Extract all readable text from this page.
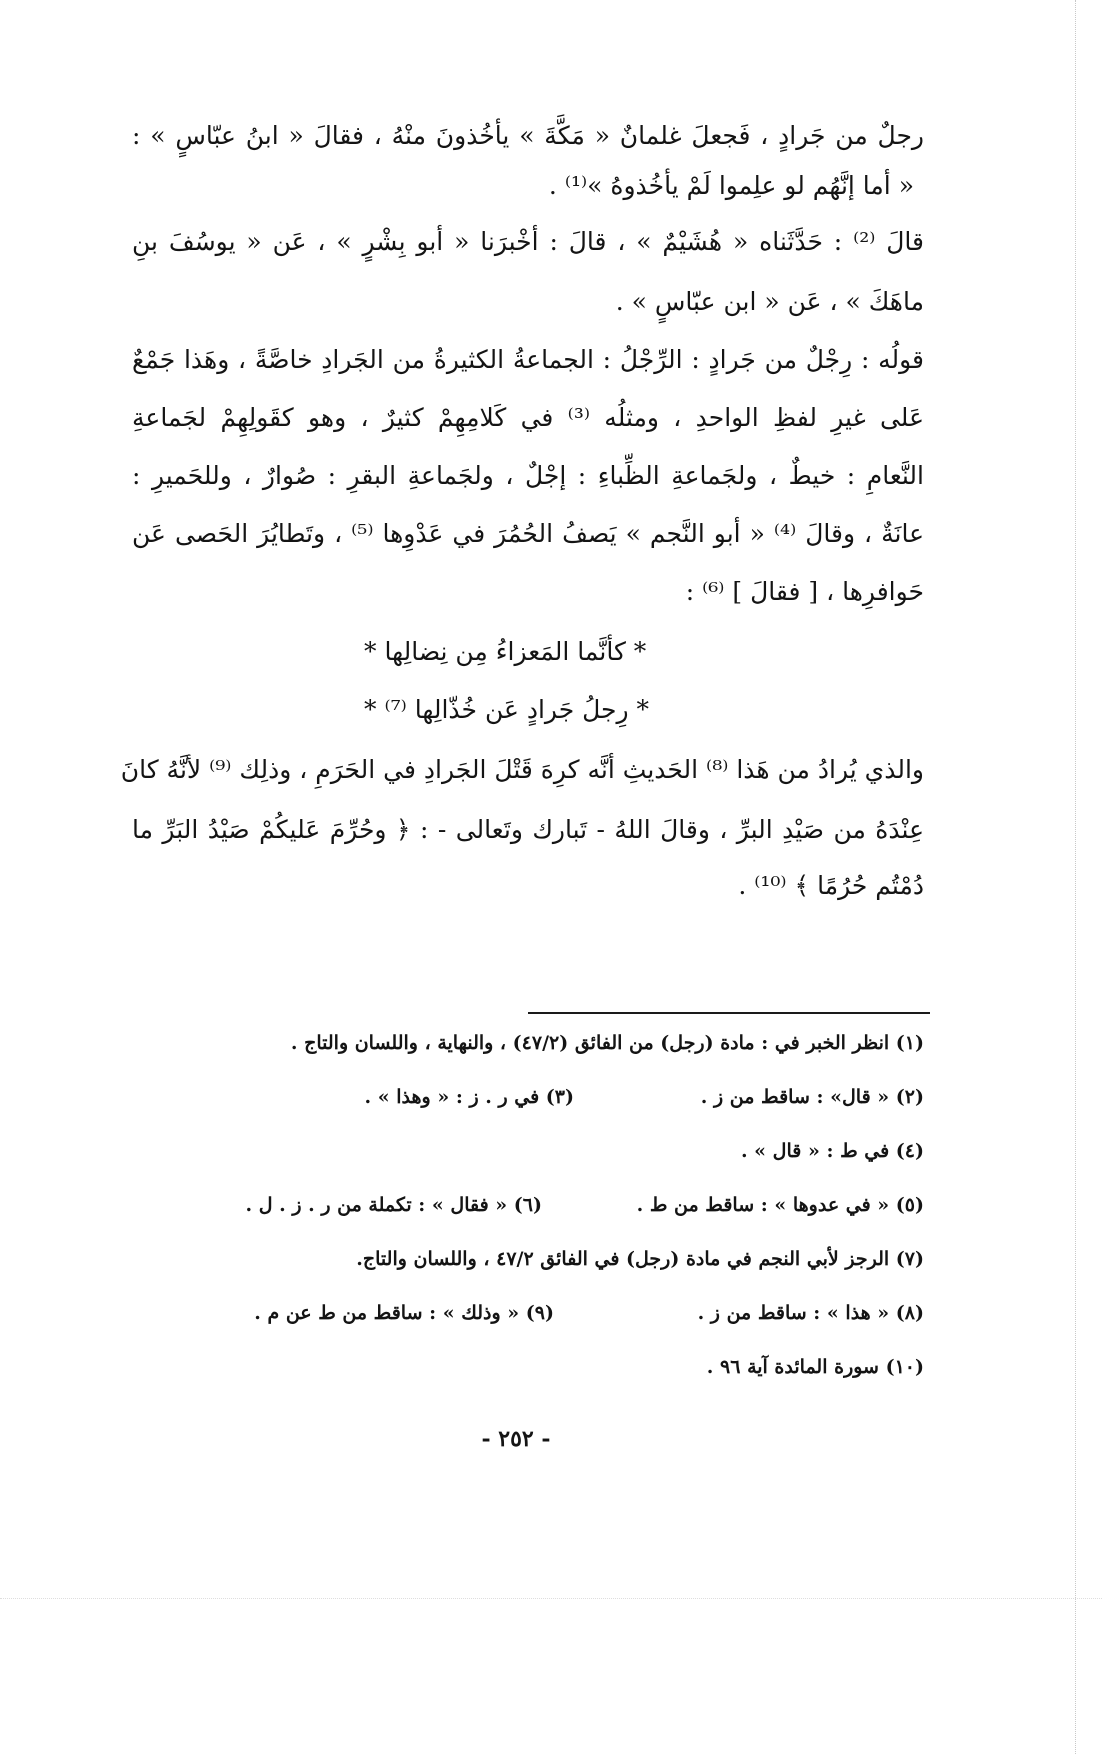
رجلٌ من جَرادٍ ، فَجعلَ غلمانٌ « مَكَّةَ » يأخُذونَ منْهُ ، فقالَ « ابنُ عبّاسٍ » :
« أما إنَّهُم لو علِموا لَمْ يأخُذوهُ »⁽¹⁾ .
قالَ ⁽²⁾ : حَدَّثَناه « هُشَيْمٌ » ، قالَ : أخْبرَنا « أبو بِشْرٍ » ، عَن « يوسُفَ بنِ
ماهَكَ » ، عَن « ابن عبّاسٍ » .
قولُه : رِجْلٌ من جَرادٍ : الرِّجْلُ : الجماعةُ الكثيرةُ من الجَرادِ خاصَّةً ، وهَذا جَمْعٌ
عَلى غيرِ لفظِ الواحدِ ، ومثلُه ⁽³⁾ في كَلامِهِمْ كثيرٌ ، وهو كقَولِهِمْ لجَماعةِ
النَّعامِ : خيطٌ ، ولجَماعةِ الظِّباءِ : إجْلٌ ، ولجَماعةِ البقرِ : صُوارٌ ، وللحَميرِ :
عانَةٌ ، وقالَ ⁽⁴⁾ « أبو النَّجم » يَصفُ الحُمُرَ في عَدْوِها ⁽⁵⁾ ، وتَطايُرَ الحَصى عَن
حَوافرِها ، [ فقالَ ] ⁽⁶⁾ :
* كأنَّما المَعزاءُ مِن نِضالِها *
* رِجلُ جَرادٍ عَن خُذّالِها ⁽⁷⁾ *
والذي يُرادُ من هَذا ⁽⁸⁾ الحَديثِ أنَّه كرِهَ قَتْلَ الجَرادِ في الحَرَمِ ، وذلِك ⁽⁹⁾ لأنَّهُ كانَ
عِنْدَهُ من صَيْدِ البرِّ ، وقالَ اللهُ - تَبارك وتَعالى - : ﴿ وحُرِّمَ عَليكُمْ صَيْدُ البَرِّ ما
دُمْتُم حُرُمًا ﴾ ⁽¹⁰⁾ .
(١) انظر الخبر في : مادة (رجل) من الفائق (٤٧/٢) ، والنهاية ، واللسان والتاج .
(٢) « قال» : ساقط من ز .
(٣) في ر . ز : « وهذا » .
(٤) في ط : « قال » .
(٥) « في عدوها » : ساقط من ط .
(٦) « فقال » : تكملة من ر . ز . ل .
(٧) الرجز لأبي النجم في مادة (رجل) في الفائق ٤٧/٢ ، واللسان والتاج.
(٨) « هذا » : ساقط من ز .
(٩) « وذلك » : ساقط من ط عن م .
(١٠) سورة المائدة آية ٩٦ .
- ٢٥٢ -
